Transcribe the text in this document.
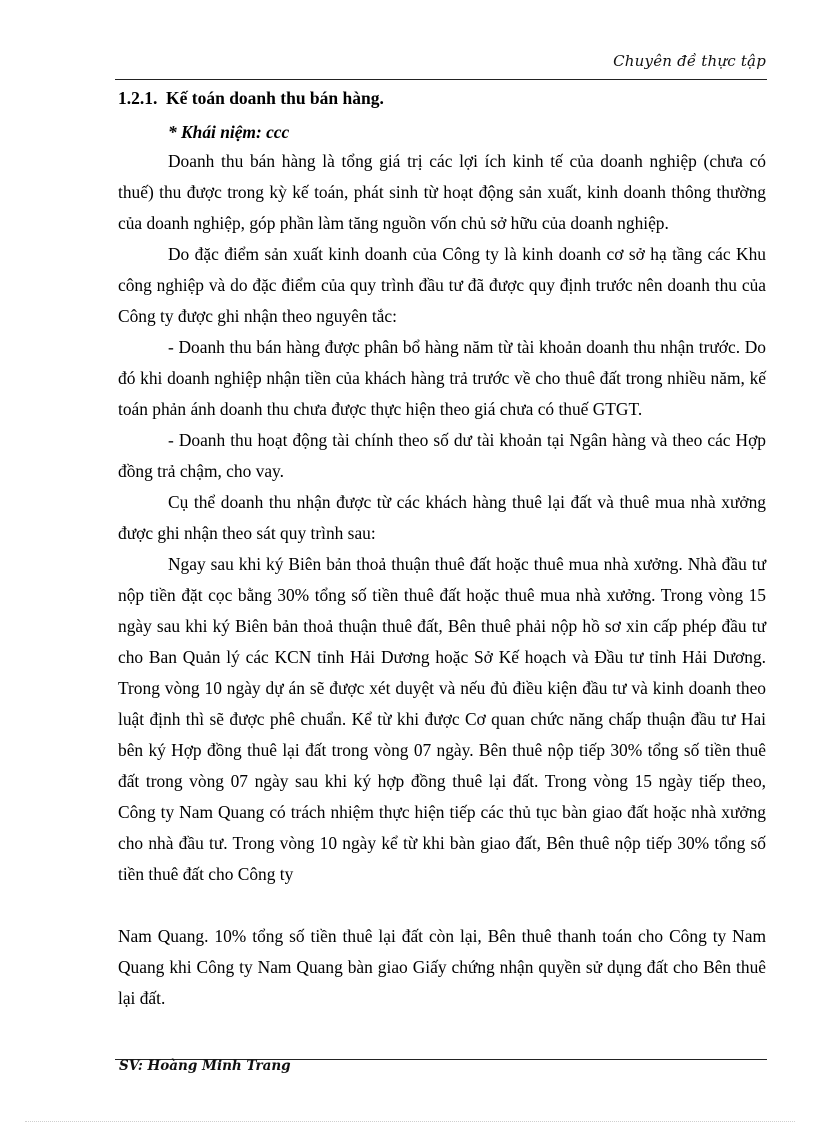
Chuyên đề thực tập

1.2.1. Kế toán doanh thu bán hàng.

* Khái niệm: ccc

Doanh thu bán hàng là tổng giá trị các lợi ích kinh tế của doanh nghiệp (chưa có thuế) thu được trong kỳ kế toán, phát sinh từ hoạt động sản xuất, kinh doanh thông thường của doanh nghiệp, góp phần làm tăng nguồn vốn chủ sở hữu của doanh nghiệp.

Do đặc điểm sản xuất kinh doanh của Công ty là kinh doanh cơ sở hạ tầng các Khu công nghiệp và do đặc điểm của quy trình đầu tư đã được quy định trước nên doanh thu của Công ty được ghi nhận theo nguyên tắc:

- Doanh thu bán hàng được phân bổ hàng năm từ tài khoản doanh thu nhận trước. Do đó khi doanh nghiệp nhận tiền của khách hàng trả trước về cho thuê đất trong nhiều năm, kế toán phản ánh doanh thu chưa được thực hiện theo giá chưa có thuế GTGT.

- Doanh thu hoạt động tài chính theo số dư tài khoản tại Ngân hàng và theo các Hợp đồng trả chậm, cho vay.

Cụ thể doanh thu nhận được từ các khách hàng thuê lại đất và thuê mua nhà xưởng được ghi nhận theo sát quy trình sau:

Ngay sau khi ký Biên bản thoả thuận thuê đất hoặc thuê mua nhà xưởng. Nhà đầu tư nộp tiền đặt cọc bằng 30% tổng số tiền thuê đất hoặc thuê mua nhà xưởng. Trong vòng 15 ngày sau khi ký Biên bản thoả thuận thuê đất, Bên thuê phải nộp hồ sơ xin cấp phép đầu tư cho Ban Quản lý các KCN tỉnh Hải Dương hoặc Sở Kế hoạch và Đầu tư tỉnh Hải Dương. Trong vòng 10 ngày dự án sẽ được xét duyệt và nếu đủ điều kiện đầu tư và kinh doanh theo luật định thì sẽ được phê chuẩn. Kể từ khi được Cơ quan chức năng chấp thuận đầu tư Hai bên ký Hợp đồng thuê lại đất trong vòng 07 ngày. Bên thuê nộp tiếp 30% tổng số tiền thuê đất trong vòng 07 ngày sau khi ký hợp đồng thuê lại đất. Trong vòng 15 ngày tiếp theo, Công ty Nam Quang có trách nhiệm thực hiện tiếp các thủ tục bàn giao đất hoặc nhà xưởng cho nhà đầu tư. Trong vòng 10 ngày kể từ khi bàn giao đất, Bên thuê nộp tiếp 30% tổng số tiền thuê đất cho Công ty

Nam Quang. 10% tổng số tiền thuê lại đất còn lại, Bên thuê thanh toán cho Công ty Nam Quang khi Công ty Nam Quang bàn giao Giấy chứng nhận quyền sử dụng đất cho Bên thuê lại đất.

SV: Hoàng Minh Trang
